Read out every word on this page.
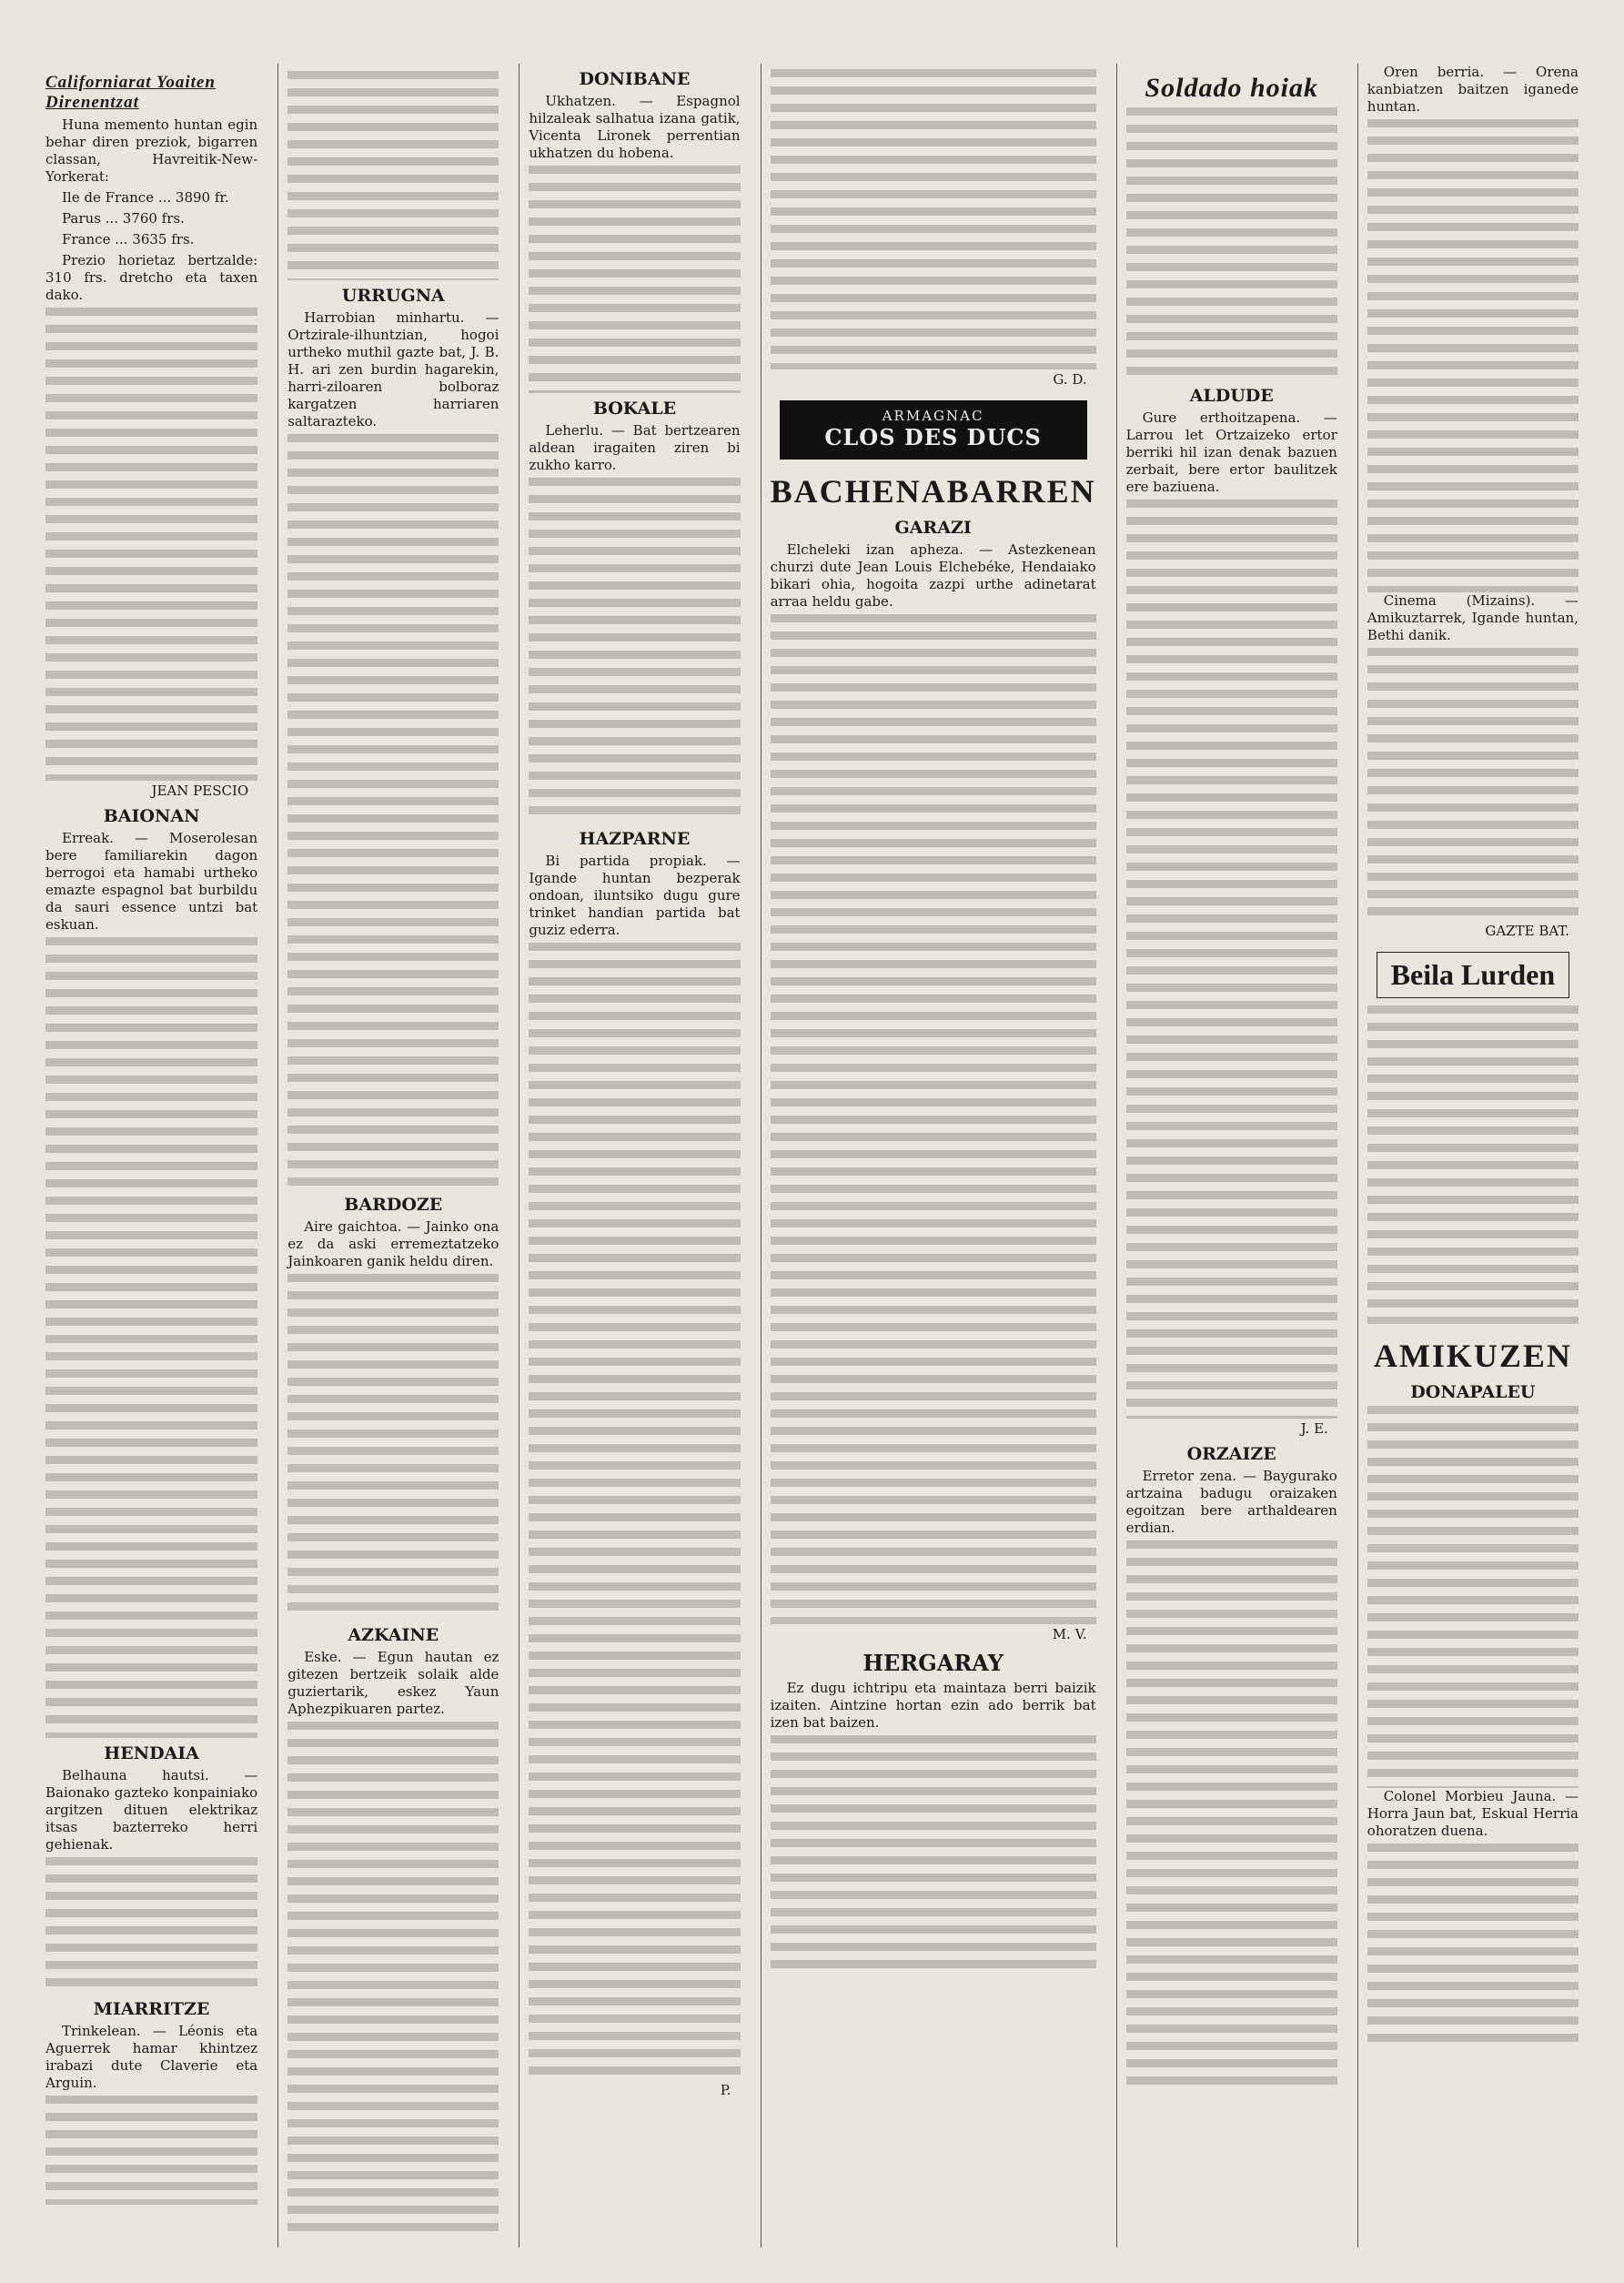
Californiarat Yoaiten Direnentzat

Huna memento huntan egin behar diren preziok, bigarren classan, Havreitik-New-Yorkerat:

Ile de France ... 3890 fr.

Parus ... 3760 frs.

France ... 3635 frs.

Prezio horietaz bertzalde: 310 frs. dretcho eta taxen dako.

JEAN PESCIO
BAIONAN

Erreak. — Moserolesan bere familiarekin dagon berrogoi eta hamabi urtheko emazte espagnol bat burbildu da sauri essence untzi bat eskuan.

HENDAIA

Belhauna hautsi. — Baionako gazteko konpainiako argitzen dituen elektrikaz itsas bazterreko herri gehienak.

MIARRITZE

Trinkelean. — Léonis eta Aguerrek hamar khintzez irabazi dute Claverie eta Arguin.

URRUGNA

Harrobian minhartu. — Ortzirale-ilhuntzian, hogoi urtheko muthil gazte bat, J. B. H. ari zen burdin hagarekin, harri-ziloaren bolboraz kargatzen harriaren saltarazteko.

BARDOZE

Aire gaichtoa. — Jainko ona ez da aski erremeztatzeko Jainkoaren ganik heldu diren.

AZKAINE

Eske. — Egun hautan ez gitezen bertzeik solaik alde guziertarik, eskez Yaun Aphezpikuaren partez.

DONIBANE

Ukhatzen. — Espagnol hilzaleak salhatua izana gatik, Vicenta Lironek perrentian ukhatzen du hobena.

BOKALE

Leherlu. — Bat bertzearen aldean iragaiten ziren bi zukho karro.

HAZPARNE

Bi partida propiak. — Igande huntan bezperak ondoan, iluntsiko dugu gure trinket handian partida bat guziz ederra.

P.
G. D.
ARMAGNAC
CLOS DES DUCS
BACHENABARREN
GARAZI

Elcheleki izan apheza. — Astezkenean churzi dute Jean Louis Elchebéke, Hendaiako bikari ohia, hogoita zazpi urthe adinetarat arraa heldu gabe.

M. V.
HERGARAY

Ez dugu ichtripu eta maintaza berri baizik izaiten. Aintzine hortan ezin ado berrik bat izen bat baizen.

Soldado hoiak
ALDUDE

Gure erthoitzapena. — Larrou let Ortzaizeko ertor berriki hil izan denak bazuen zerbait, bere ertor baulitzek ere baziuena.

J. E.
ORZAIZE

Erretor zena. — Baygurako artzaina badugu oraizaken egoitzan bere arthaldearen erdian.

Oren berria. — Orena kanbiatzen baitzen iganede huntan.

Cinema (Mizains). — Amikuztarrek, Igande huntan, Bethi danik.

GAZTE BAT.
Beila Lurden
AMIKUZEN
DONAPALEU

Colonel Morbieu Jauna. — Horra Jaun bat, Eskual Herria ohoratzen duena.
